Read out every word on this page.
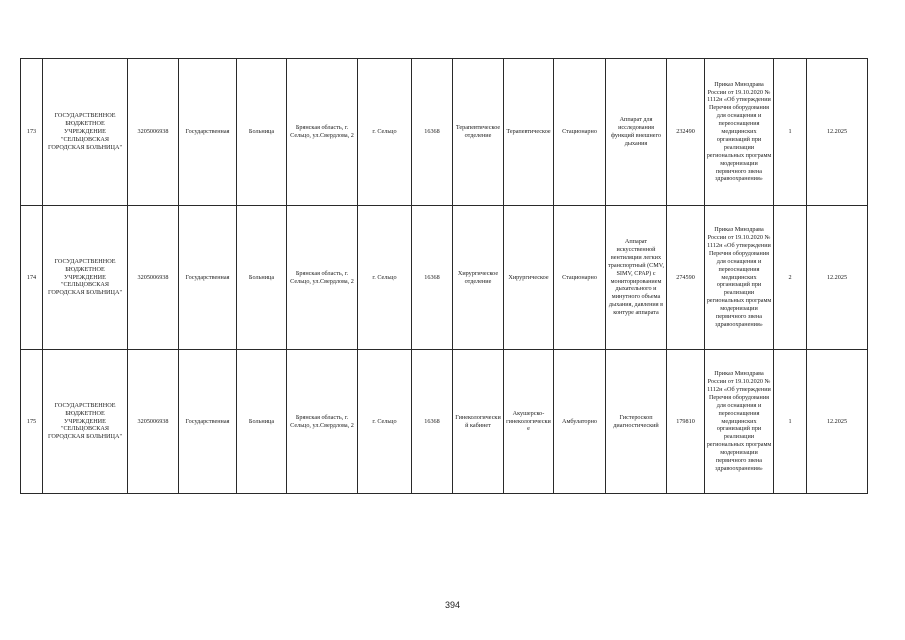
173	ГОСУДАРСТВЕННОЕ БЮДЖЕТНОЕ УЧРЕЖДЕНИЕ "СЕЛЬЦОВСКАЯ ГОРОДСКАЯ БОЛЬНИЦА"	3205006938	Государственная	Больница	Брянская область, г. Сельцо, ул.Свердлова, 2	г. Сельцо	16368	Терапевтическое отделение	Терапевтическое	Стационарно	Аппарат для исследования функций внешнего дыхания	232490	Приказ Минздрава России от 19.10.2020 № 1112н «Об утверждении Перечня оборудования для оснащения и переоснащения медицинских организаций при реализации региональных программ модернизации первичного звена здравоохранения»	1	12.2025
174	ГОСУДАРСТВЕННОЕ БЮДЖЕТНОЕ УЧРЕЖДЕНИЕ "СЕЛЬЦОВСКАЯ ГОРОДСКАЯ БОЛЬНИЦА"	3205006938	Государственная	Больница	Брянская область, г. Сельцо, ул.Свердлова, 2	г. Сельцо	16368	Хирургическое отделение	Хирургическое	Стационарно	Аппарат искусственной вентиляции легких транспортный (CMV, SIMV, CPAP) с мониторированием дыхательного и минутного объема дыхания, давления в контуре аппарата	274590	Приказ Минздрава России от 19.10.2020 № 1112н «Об утверждении Перечня оборудования для оснащения и переоснащения медицинских организаций при реализации региональных программ модернизации первичного звена здравоохранения»	2	12.2025
175	ГОСУДАРСТВЕННОЕ БЮДЖЕТНОЕ УЧРЕЖДЕНИЕ "СЕЛЬЦОВСКАЯ ГОРОДСКАЯ БОЛЬНИЦА"	3205006938	Государственная	Больница	Брянская область, г. Сельцо, ул.Свердлова, 2	г. Сельцо	16368	Гинекологический кабинет	Акушерско-гинекологические	Амбулаторно	Гистероскоп диагностический	179810	Приказ Минздрава России от 19.10.2020 № 1112н «Об утверждении Перечня оборудования для оснащения и переоснащения медицинских организаций при реализации региональных программ модернизации первичного звена здравоохранения»	1	12.2025
394
